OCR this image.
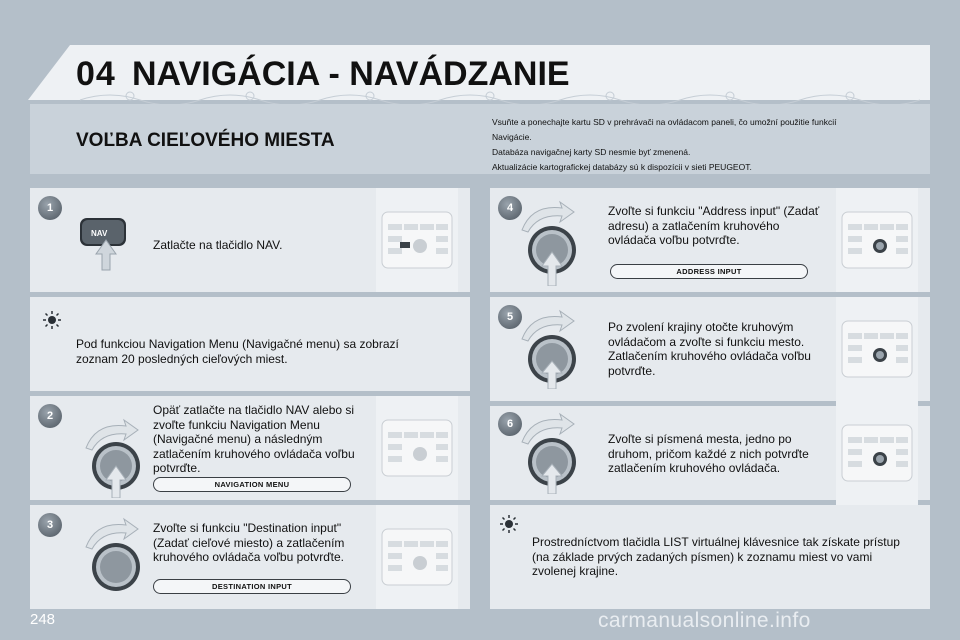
04 NAVIGÁCIA - NAVÁDZANIE
VOĽBA CIEĽOVÉHO MIESTA
Vsuňte a ponechajte kartu SD v prehrávači na ovládacom paneli, čo umožní použitie funkcií
Navigácie.
Databáza navigačnej karty SD nesmie byť zmenená.
Aktualizácie kartografickej databázy sú k dispozícii v sieti PEUGEOT.
1
NAV
Zatlačte na tlačidlo NAV.
Pod funkciou Navigation Menu (Navigačné menu) sa zobrazí zoznam 20 posledných cieľových miest.
2	Opäť zatlačte na tlačidlo NAV alebo si zvoľte funkciu Navigation Menu (Navigačné menu) a následným zatlačením kruhového ovládača voľbu potvrďte.
NAVIGATION MENU
3	Zvoľte si funkciu "Destination input" (Zadať cieľové miesto) a zatlačením kruhového ovládača voľbu potvrďte.
DESTINATION INPUT
4	Zvoľte si funkciu "Address input" (Zadať adresu) a zatlačením kruhového ovládača voľbu potvrďte.
ADDRESS INPUT
5
Po zvolení krajiny otočte kruhovým ovládačom a zvoľte si funkciu mesto. Zatlačením kruhového ovládača voľbu potvrďte.
6
Zvoľte si písmená mesta, jedno po druhom, pričom každé z nich potvrďte zatlačením kruhového ovládača.
Prostredníctvom tlačidla LIST virtuálnej klávesnice tak získate prístup (na základe prvých zadaných písmen) k zoznamu miest vo vami zvolenej krajine.
248	carmanualsonline.info
